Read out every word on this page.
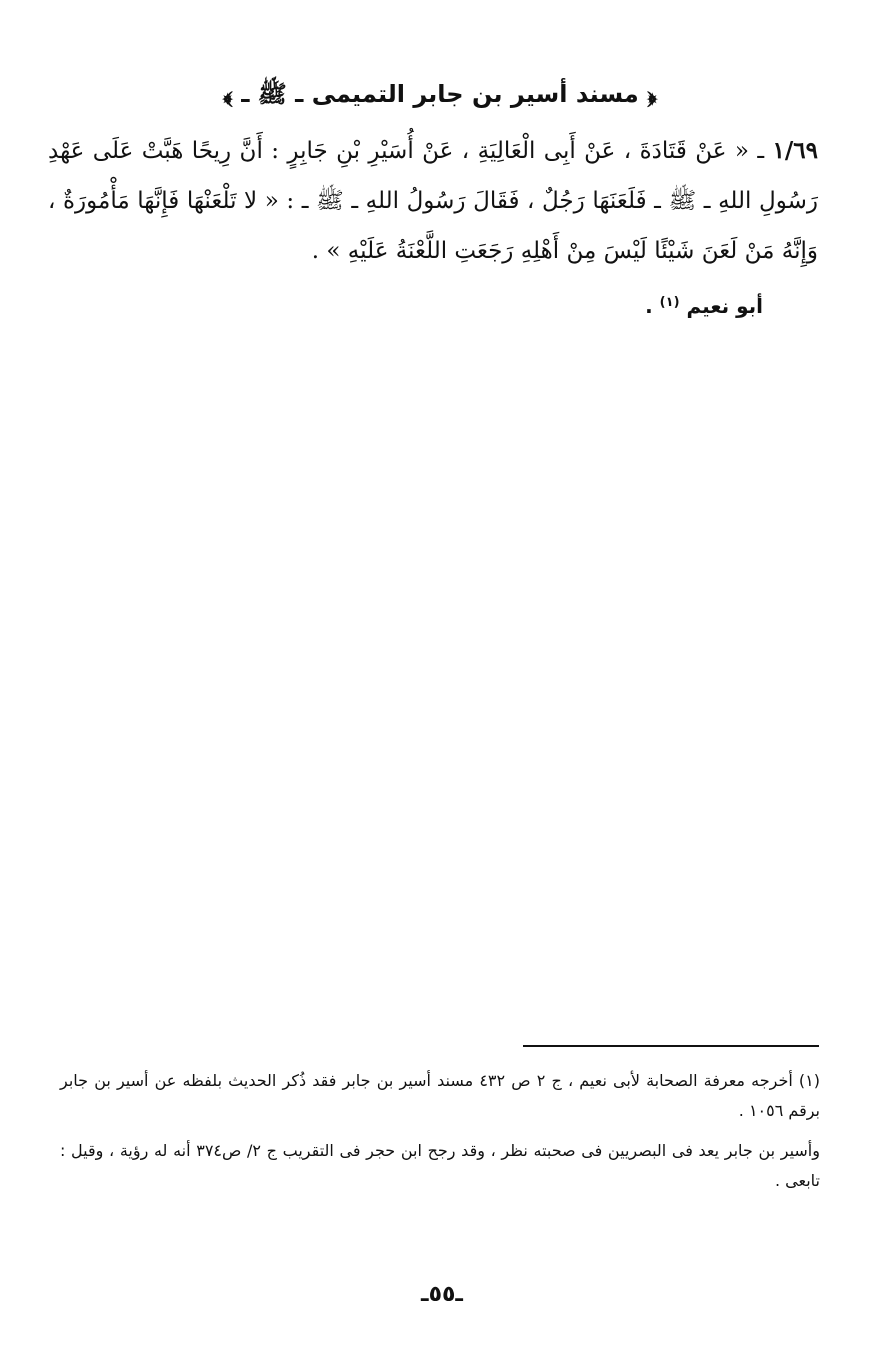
﴿ مسند أسير بن جابر التميمى ـ ﷺ ـ ﴾
١/٦٩ ـ « عَنْ قَتَادَةَ ، عَنْ أَبِى الْعَالِيَةِ ، عَنْ أُسَيْرِ بْنِ جَابِرٍ : أَنَّ رِيحًا هَبَّتْ عَلَى عَهْدِ رَسُولِ اللهِ ـ ﷺ ـ فَلَعَنَهَا رَجُلٌ ، فَقَالَ رَسُولُ اللهِ ـ ﷺ ـ : « لا تَلْعَنْهَا فَإِنَّهَا مَأْمُورَةٌ ، وَإِنَّهُ مَنْ لَعَنَ شَيْئًا لَيْسَ مِنْ أَهْلِهِ رَجَعَتِ اللَّعْنَةُ عَلَيْهِ » .
أبو نعيم $^{(١)}$ .

(١) أخرجه معرفة الصحابة لأبى نعيم ، ج ٢ ص ٤٣٢ مسند أسير بن جابر فقد ذُكر الحديث بلفظه عن أسير بن جابر برقم ١٠٥٦ .

وأسير بن جابر يعد فى البصريين فى صحبته نظر ، وقد رجح ابن حجر فى التقريب ج ٢/ ص٣٧٤ أنه له رؤية ، وقيل : تابعى .

ـ٥٥ـ
